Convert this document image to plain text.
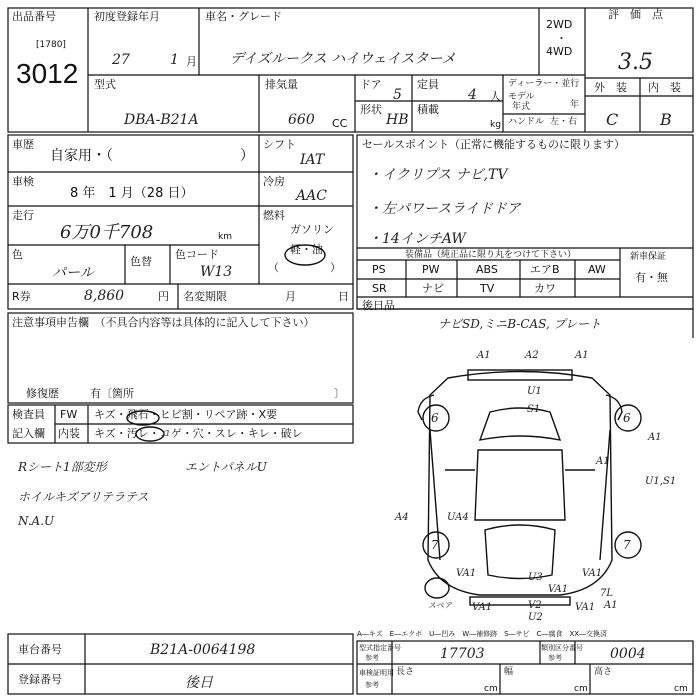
出品番号
[1780]
3012
初度登録年月
27	1 月
車名・グレード
デイズルークス ハイウェイスターメ
2WD
・
4WD
評　価　点
3.5
外　装 内　装
C	B
型式
DBA-B21A
排気量
660 CC
ドア
5
定員
4 人
ディーラー・並行
モデル
年式	年
形状
HB
積載
kg ハンドル 左・右
車歴
自家用・（	）
シフト
IAT
車検
8 年　1 月（28 日）
冷房
AAC
走行
6万0千708	km
燃料
ガソリン
軽・油
（	）
色
パール
色替
色コード
W13
R券	8,860	円 名変期限	月	日
セールスポイント（正常に機能するものに限ります）
・イクリプス ナビ,TV
・左パワースライドドア
・14インチAW
装備品（純正品に限り丸をつけて下さい）
PS	PW	ABS	エアB	AW
SR	ナビ	TV	カワ
新車保証
有・無
後日品
ナビSD,ミニB-CAS, プレート
注意事項申告欄　（不具合内容等は具体的に記入して下さい）
修復歴	有〔箇所	〕
検査員
記入欄
FW キズ・飛石・ヒビ割・リペア跡・X要
内装 キズ・汚レ・コゲ・穴・スレ・キレ・破レ
Rシート1部変形
ホイルキズアリテラテス
N.A.U
エントパネルU
A1	A2	A1
U1
S1
6	6
A1
A1
U1,S1
A4	UA4
7	7
VA1	U3
VA1
VA1
VA1	V2
U2
VA1
7L
A1
スペア
A―キズ　E―エクボ　U―凹み　W―補修跡　S―サビ　C―腐食　XX―交換済
車台番号	B21A-0064198
登録番号	後日
型式指定番号
参考	17703	類別区分番号
参考	0004
車検証明用
参考
長さ
cm
幅
cm
高さ
cm
